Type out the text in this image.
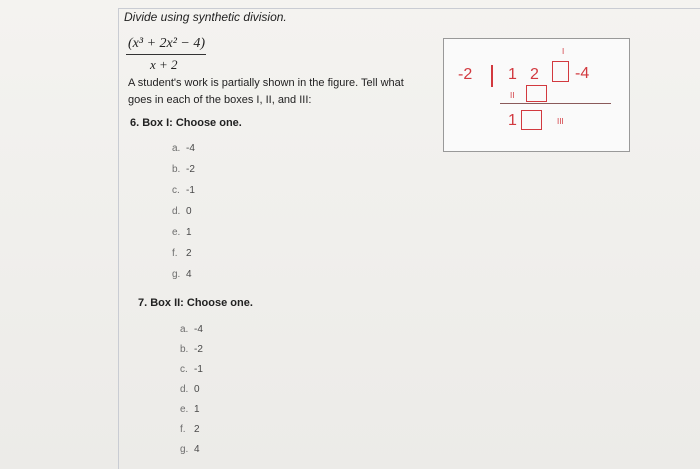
Divide using synthetic division.
(x³ + 2x² − 4)
x + 2
A student's work is partially shown in the figure. Tell what goes in each of the boxes I, II, and III:
6. Box I: Choose one.
a. -4
b. -2
c. -1
d. 0
e. 1
f. 2
g. 4
7. Box II: Choose one.
a. -4
b. -2
c. -1
d. 0
e. 1
f. 2
g. 4
-2 1 2
I
-4
II
1	III
